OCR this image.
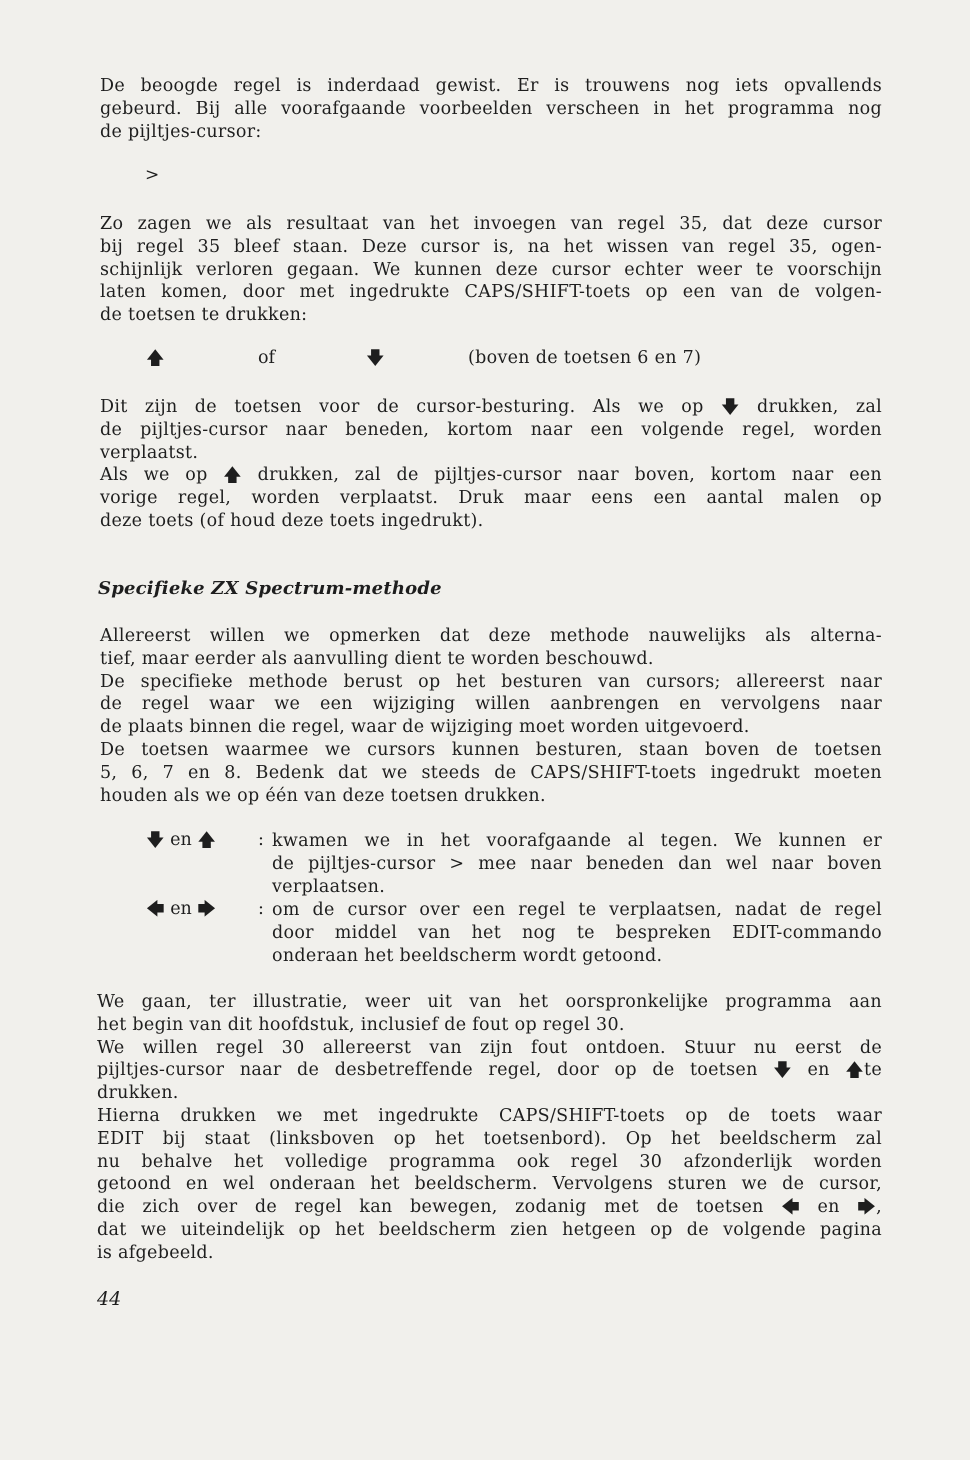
De beoogde regel is inderdaad gewist. Er is trouwens nog iets opvallends
gebeurd. Bij alle voorafgaande voorbeelden verscheen in het programma nog
de pijltjes-cursor:

>

Zo zagen we als resultaat van het invoegen van regel 35, dat deze cursor
bij regel 35 bleef staan. Deze cursor is, na het wissen van regel 35, ogen-
schijnlijk verloren gegaan. We kunnen deze cursor echter weer te voorschijn
laten komen, door met ingedrukte CAPS/SHIFT-toets op een van de volgen-
de toetsen te drukken:

🡅	of	🡇	(boven de toetsen 6 en 7)

Dit zijn de toetsen voor de cursor-besturing. Als we op 🡇 drukken, zal
de pijltjes-cursor naar beneden, kortom naar een volgende regel, worden
verplaatst.
Als we op 🡅 drukken, zal de pijltjes-cursor naar boven, kortom naar een
vorige regel, worden verplaatst. Druk maar eens een aantal malen op
deze toets (of houd deze toets ingedrukt).

Specifieke ZX Spectrum-methode

Allereerst willen we opmerken dat deze methode nauwelijks als alterna-
tief, maar eerder als aanvulling dient te worden beschouwd.
De specifieke methode berust op het besturen van cursors; allereerst naar
de regel waar we een wijziging willen aanbrengen en vervolgens naar
de plaats binnen die regel, waar de wijziging moet worden uitgevoerd.
De toetsen waarmee we cursors kunnen besturen, staan boven de toetsen
5, 6, 7 en 8. Bedenk dat we steeds de CAPS/SHIFT-toets ingedrukt moeten
houden als we op één van deze toetsen drukken.

🡇 en 🡅 : kwamen we in het voorafgaande al tegen. We kunnen er
de pijltjes-cursor > mee naar beneden dan wel naar boven
verplaatsen.

🡄 en 🡆 : om de cursor over een regel te verplaatsen, nadat de regel
door middel van het nog te bespreken EDIT-commando
onderaan het beeldscherm wordt getoond.

We gaan, ter illustratie, weer uit van het oorspronkelijke programma aan
het begin van dit hoofdstuk, inclusief de fout op regel 30.
We willen regel 30 allereerst van zijn fout ontdoen. Stuur nu eerst de
pijltjes-cursor naar de desbetreffende regel, door op de toetsen 🡇 en 🡅te
drukken.
Hierna drukken we met ingedrukte CAPS/SHIFT-toets op de toets waar
EDIT bij staat (linksboven op het toetsenbord). Op het beeldscherm zal
nu behalve het volledige programma ook regel 30 afzonderlijk worden
getoond en wel onderaan het beeldscherm. Vervolgens sturen we de cursor,
die zich over de regel kan bewegen, zodanig met de toetsen 🡄 en 🡆,
dat we uiteindelijk op het beeldscherm zien hetgeen op de volgende pagina
is afgebeeld.

44
